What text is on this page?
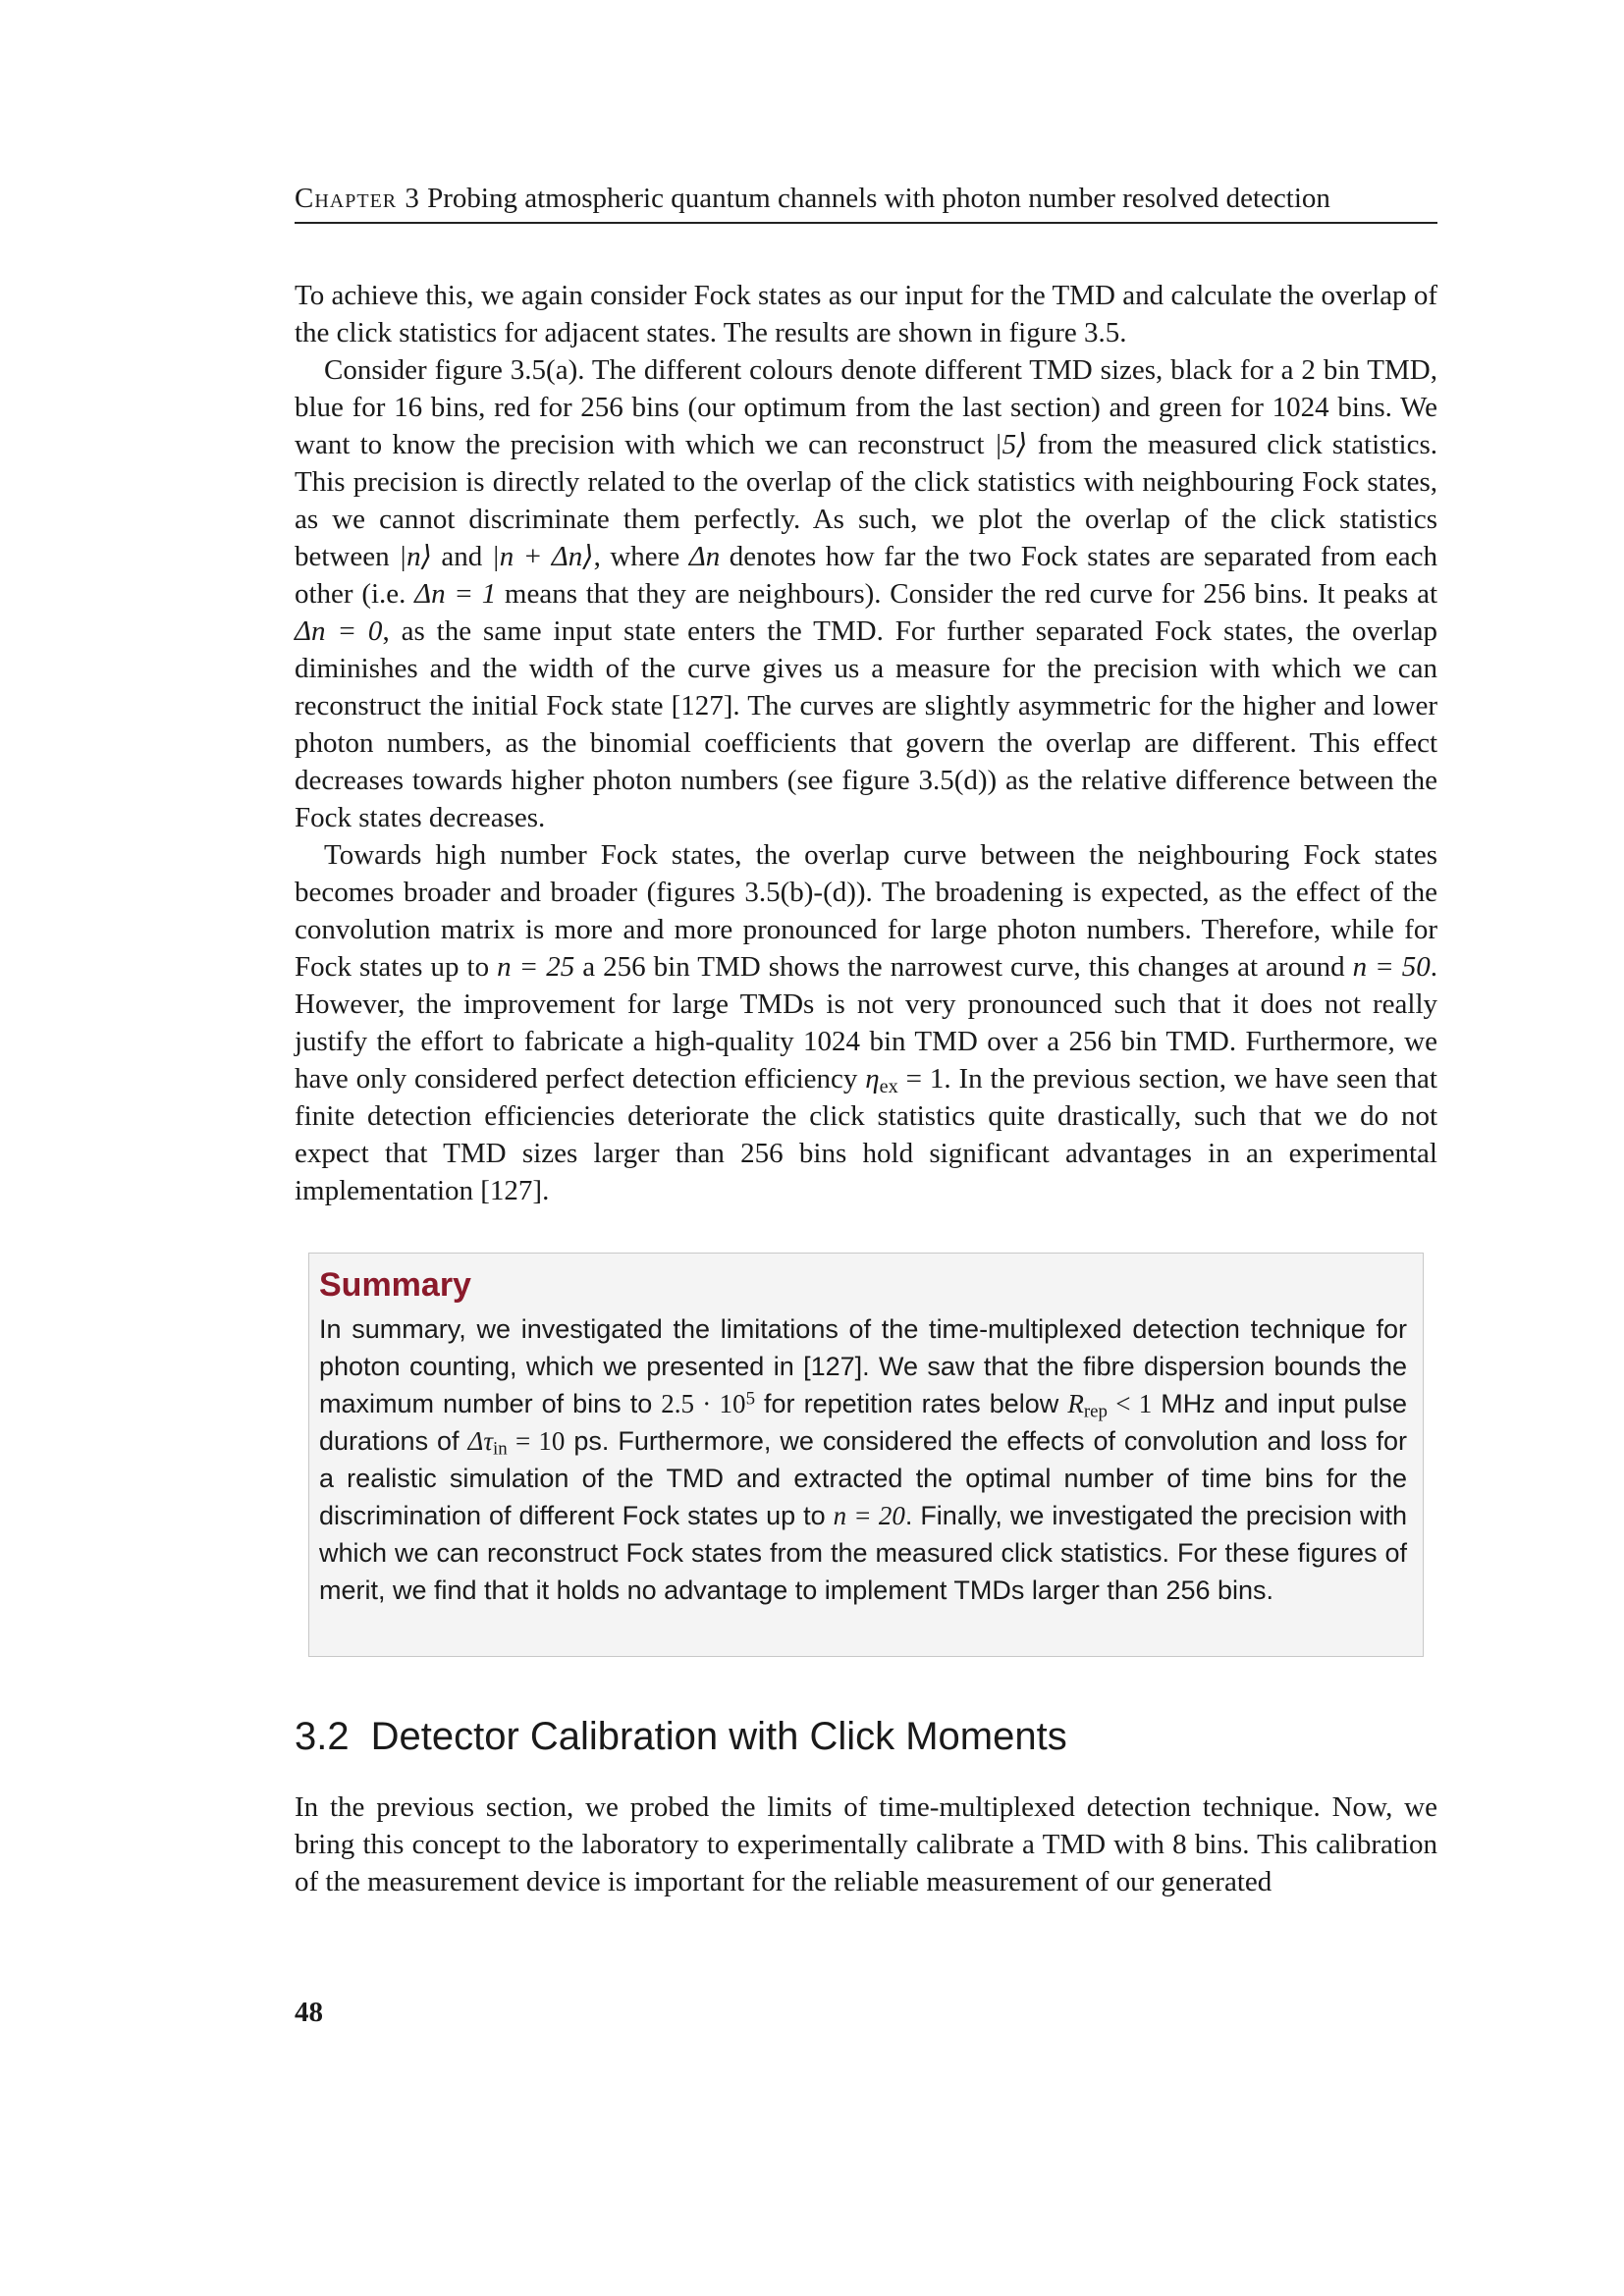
Chapter 3 Probing atmospheric quantum channels with photon number resolved detection

To achieve this, we again consider Fock states as our input for the TMD and calculate the overlap of the click statistics for adjacent states. The results are shown in figure 3.5.

Consider figure 3.5(a). The different colours denote different TMD sizes, black for a 2 bin TMD, blue for 16 bins, red for 256 bins (our optimum from the last section) and green for 1024 bins. We want to know the precision with which we can reconstruct |5⟩ from the measured click statistics. This precision is directly related to the overlap of the click statistics with neighbouring Fock states, as we cannot discriminate them perfectly. As such, we plot the overlap of the click statistics between |n⟩ and |n + Δn⟩, where Δn denotes how far the two Fock states are separated from each other (i.e. Δn = 1 means that they are neighbours). Consider the red curve for 256 bins. It peaks at Δn = 0, as the same input state enters the TMD. For further separated Fock states, the overlap diminishes and the width of the curve gives us a measure for the precision with which we can reconstruct the initial Fock state [127]. The curves are slightly asymmetric for the higher and lower photon numbers, as the binomial coefficients that govern the overlap are different. This effect decreases towards higher photon numbers (see figure 3.5(d)) as the relative difference between the Fock states decreases.

Towards high number Fock states, the overlap curve between the neighbouring Fock states becomes broader and broader (figures 3.5(b)-(d)). The broadening is expected, as the effect of the convolution matrix is more and more pronounced for large photon numbers. Therefore, while for Fock states up to n = 25 a 256 bin TMD shows the narrowest curve, this changes at around n = 50. However, the improvement for large TMDs is not very pronounced such that it does not really justify the effort to fabricate a high-quality 1024 bin TMD over a 256 bin TMD. Furthermore, we have only considered perfect detection efficiency $\eta_{ex} = 1$. In the previous section, we have seen that finite detection efficiencies deteriorate the click statistics quite drastically, such that we do not expect that TMD sizes larger than 256 bins hold significant advantages in an experimental implementation [127].

Summary

In summary, we investigated the limitations of the time-multiplexed detection technique for photon counting, which we presented in [127]. We saw that the fibre dispersion bounds the maximum number of bins to $2.5 \cdot 10^5$ for repetition rates below $R_{rep} < 1$ MHz and input pulse durations of $\Delta\tau_{in} = 10$ ps. Furthermore, we considered the effects of convolution and loss for a realistic simulation of the TMD and extracted the optimal number of time bins for the discrimination of different Fock states up to n = 20. Finally, we investigated the precision with which we can reconstruct Fock states from the measured click statistics. For these figures of merit, we find that it holds no advantage to implement TMDs larger than 256 bins.

3.2 Detector Calibration with Click Moments

In the previous section, we probed the limits of time-multiplexed detection technique. Now, we bring this concept to the laboratory to experimentally calibrate a TMD with 8 bins. This calibration of the measurement device is important for the reliable measurement of our generated

48
